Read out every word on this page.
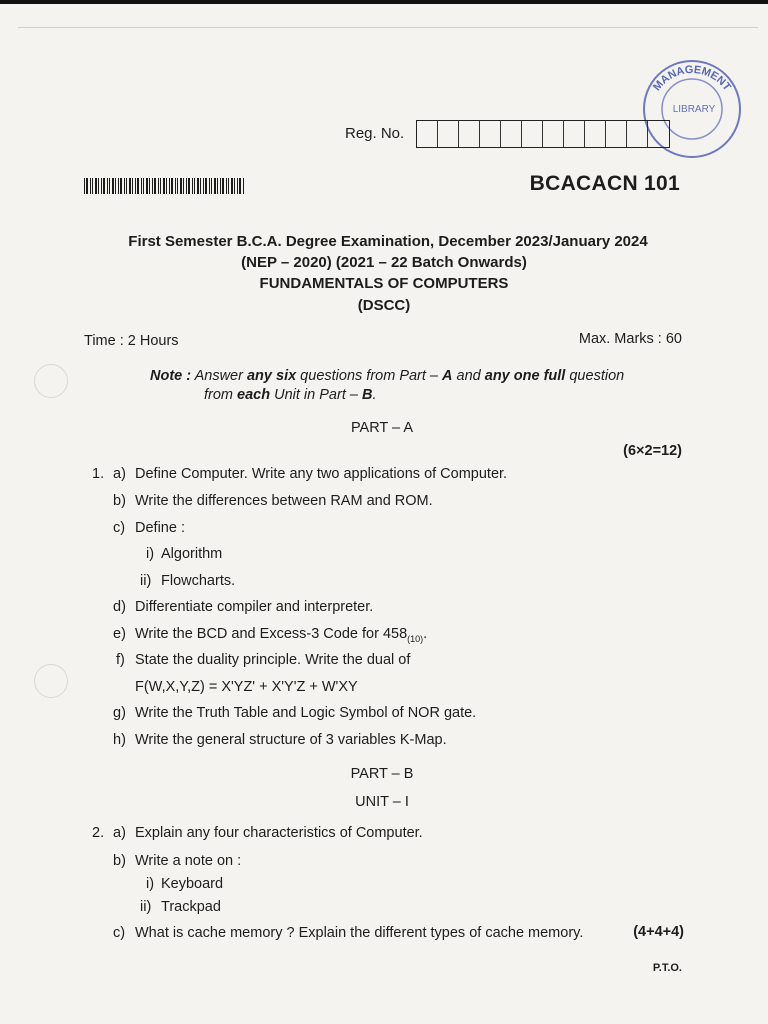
MANAGEMENT
LIBRARY
Reg. No.
BCACACN 101
First Semester B.C.A. Degree Examination, December 2023/January 2024
(NEP – 2020) (2021 – 22 Batch Onwards)
FUNDAMENTALS OF COMPUTERS
(DSCC)
Time : 2 Hours	Max. Marks : 60
Note : Answer any six questions from Part – A and any one full question
from each Unit in Part – B.
PART – A
(6×2=12)
1. a) Define Computer. Write any two applications of Computer.
b) Write the differences between RAM and ROM.
c) Define :
i) Algorithm
ii) Flowcharts.
d) Differentiate compiler and interpreter.
e) Write the BCD and Excess-3 Code for $458_{(10)}$.
f) State the duality principle. Write the dual of
F(W,X,Y,Z) = X'YZ' + X'Y'Z + W'XY
g) Write the Truth Table and Logic Symbol of NOR gate.
h) Write the general structure of 3 variables K-Map.
PART – B
UNIT – I
2. a) Explain any four characteristics of Computer.
b) Write a note on :
i) Keyboard
ii) Trackpad
c) What is cache memory ? Explain the different types of cache memory.	(4+4+4)
P.T.O.
